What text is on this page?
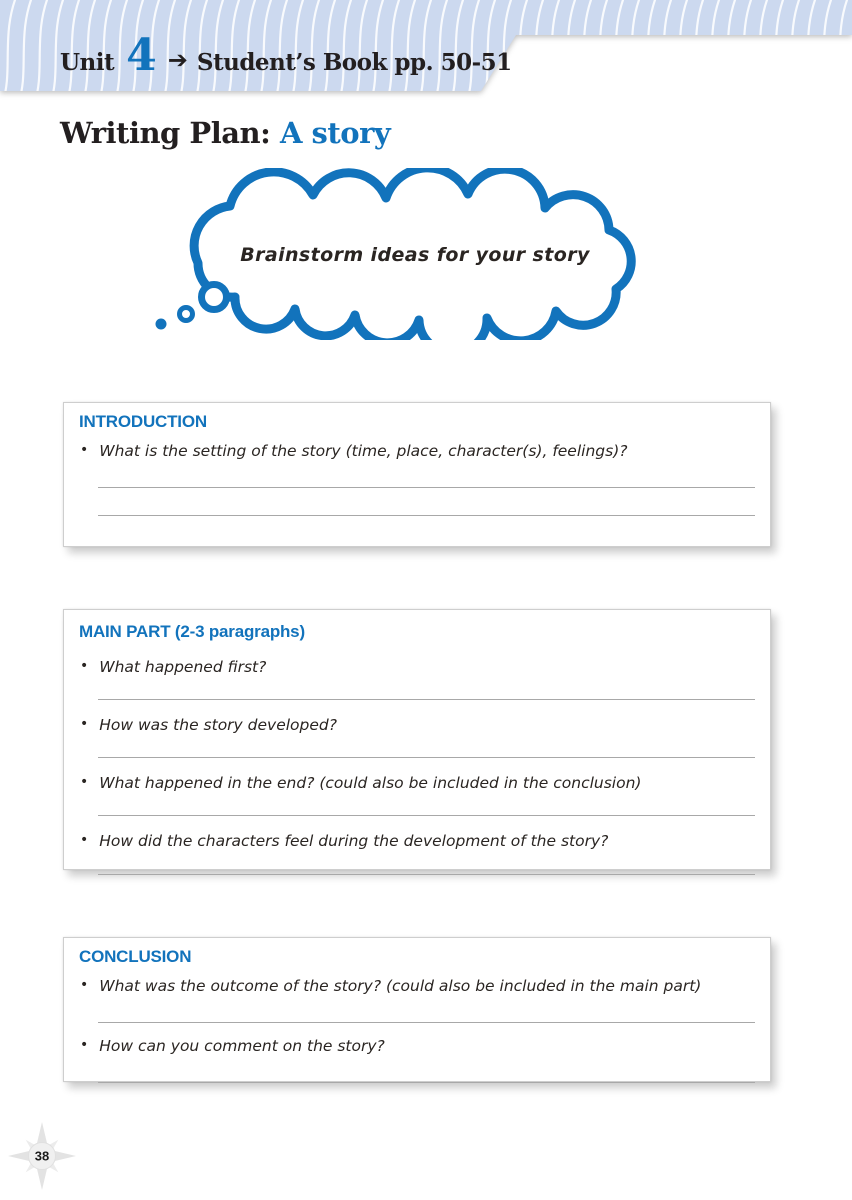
Unit 4 ➔ Student’s Book pp. 50-51
Writing Plan: A story
Brainstorm ideas for your story
INTRODUCTION
• What is the setting of the story (time, place, character(s), feelings)?
MAIN PART (2-3 paragraphs)
• What happened first?
• How was the story developed?
• What happened in the end? (could also be included in the conclusion)
• How did the characters feel during the development of the story?
CONCLUSION
• What was the outcome of the story? (could also be included in the main part)
• How can you comment on the story?
38
